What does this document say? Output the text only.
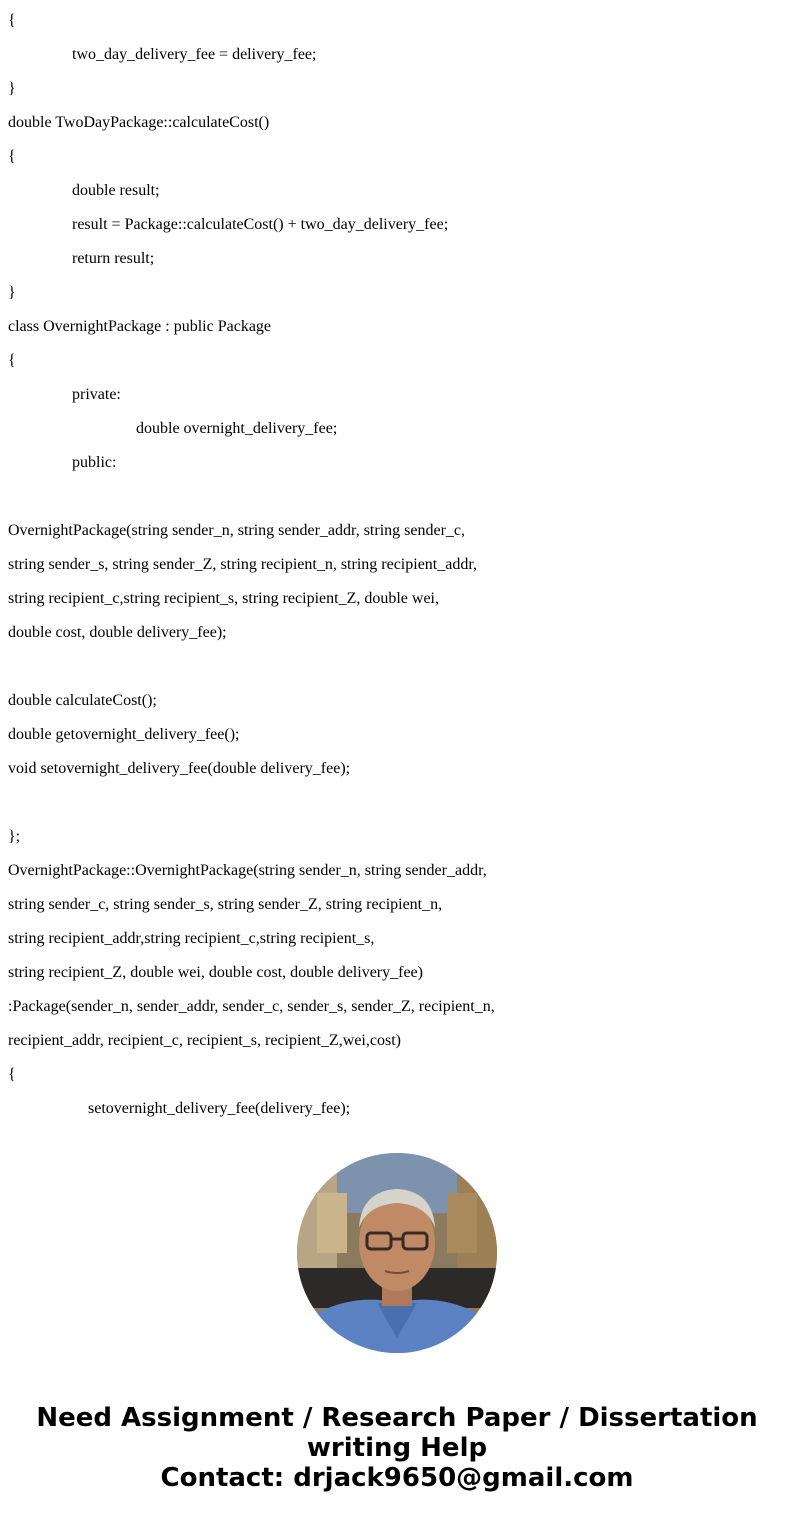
{
two_day_delivery_fee = delivery_fee;
}
double TwoDayPackage::calculateCost()
{
double result;
result = Package::calculateCost() + two_day_delivery_fee;
return result;
}
class OvernightPackage : public Package
{
private:
double overnight_delivery_fee;
public:
OvernightPackage(string sender_n, string sender_addr, string sender_c,
string sender_s, string sender_Z, string recipient_n, string recipient_addr,
string recipient_c,string recipient_s, string recipient_Z, double wei,
double cost, double delivery_fee);
double calculateCost();
double getovernight_delivery_fee();
void setovernight_delivery_fee(double delivery_fee);
};
OvernightPackage::OvernightPackage(string sender_n, string sender_addr,
string sender_c, string sender_s, string sender_Z, string recipient_n,
string recipient_addr,string recipient_c,string recipient_s,
string recipient_Z, double wei, double cost, double delivery_fee)
:Package(sender_n, sender_addr, sender_c, sender_s, sender_Z, recipient_n,
recipient_addr, recipient_c, recipient_s, recipient_Z,wei,cost)
{
setovernight_delivery_fee(delivery_fee);
Need Assignment / Research Paper / Dissertation
writing Help
Contact: drjack9650@gmail.com
